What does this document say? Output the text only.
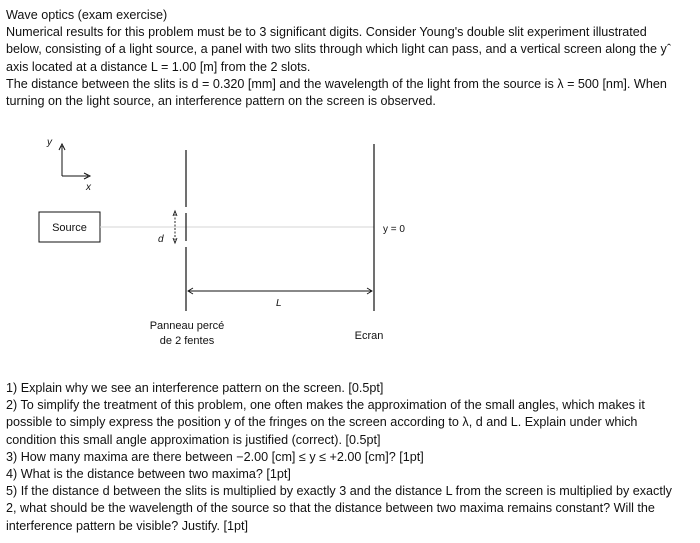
Wave optics (exam exercise)
Numerical results for this problem must be to 3 significant digits. Consider Young's double slit experiment illustrated
below, consisting of a light source, a panel with two slits through which light can pass, and a vertical screen along the yˆ
axis located at a distance L = 1.00 [m] from the 2 slots.
The distance between the slits is d = 0.320 [mm] and the wavelength of the light from the source is λ = 500 [nm]. When
turning on the light source, an interference pattern on the screen is observed.
y
x
Source
d
y = 0
L
Panneau percé
de 2 fentes	Ecran
1) Explain why we see an interference pattern on the screen. [0.5pt]
2) To simplify the treatment of this problem, one often makes the approximation of the small angles, which makes it
possible to simply express the position y of the fringes on the screen according to λ, d and L. Explain under which
condition this small angle approximation is justified (correct). [0.5pt]
3) How many maxima are there between −2.00 [cm] ≤ y ≤ +2.00 [cm]? [1pt]
4) What is the distance between two maxima? [1pt]
5) If the distance d between the slits is multiplied by exactly 3 and the distance L from the screen is multiplied by exactly
2, what should be the wavelength of the source so that the distance between two maxima remains constant? Will the
interference pattern be visible? Justify. [1pt]
